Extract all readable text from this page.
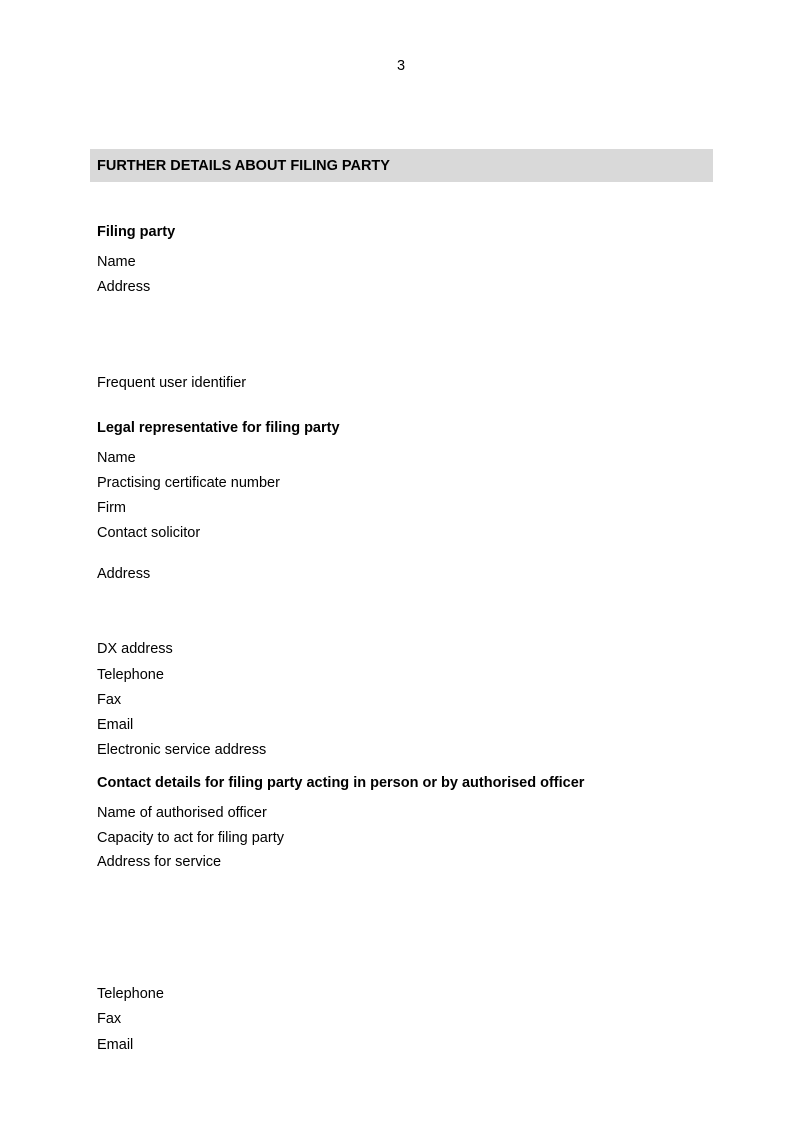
3
FURTHER DETAILS ABOUT FILING PARTY
Filing party
Name
Address
Frequent user identifier
Legal representative for filing party
Name
Practising certificate number
Firm
Contact solicitor
Address
DX address
Telephone
Fax
Email
Electronic service address
Contact details for filing party acting in person or by authorised officer
Name of authorised officer
Capacity to act for filing party
Address for service
Telephone
Fax
Email
